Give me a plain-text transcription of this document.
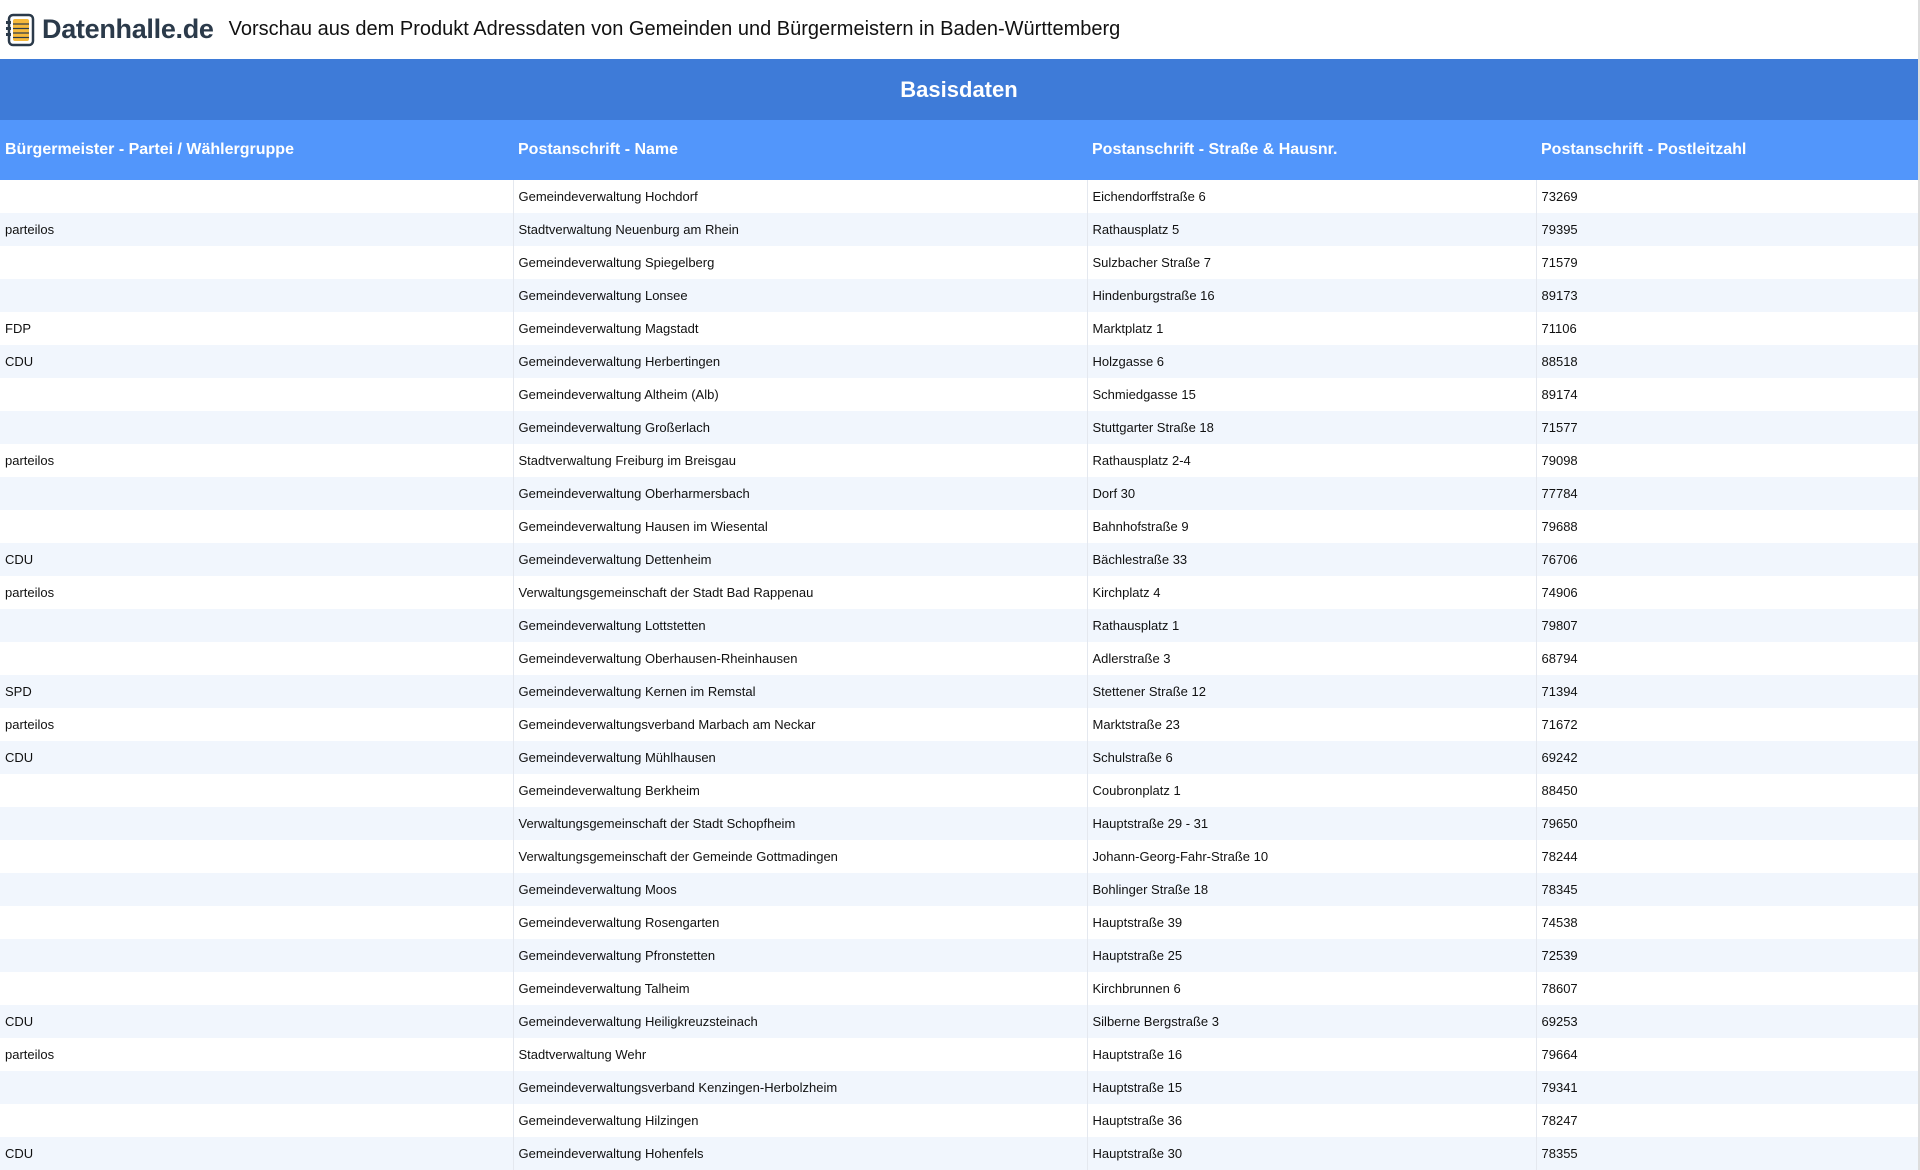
Datenhalle.de Vorschau aus dem Produkt Adressdaten von Gemeinden und Bürgermeistern in Baden-Württemberg
Basisdaten
Bürgermeister - Partei / Wählergruppe	Postanschrift - Name	Postanschrift - Straße & Hausnr.	Postanschrift - Postleitzahl
	Gemeindeverwaltung Hochdorf	Eichendorffstraße 6	73269
parteilos	Stadtverwaltung Neuenburg am Rhein	Rathausplatz 5	79395
	Gemeindeverwaltung Spiegelberg	Sulzbacher Straße 7	71579
	Gemeindeverwaltung Lonsee	Hindenburgstraße 16	89173
FDP	Gemeindeverwaltung Magstadt	Marktplatz 1	71106
CDU	Gemeindeverwaltung Herbertingen	Holzgasse 6	88518
	Gemeindeverwaltung Altheim (Alb)	Schmiedgasse 15	89174
	Gemeindeverwaltung Großerlach	Stuttgarter Straße 18	71577
parteilos	Stadtverwaltung Freiburg im Breisgau	Rathausplatz 2-4	79098
	Gemeindeverwaltung Oberharmersbach	Dorf 30	77784
	Gemeindeverwaltung Hausen im Wiesental	Bahnhofstraße 9	79688
CDU	Gemeindeverwaltung Dettenheim	Bächlestraße 33	76706
parteilos	Verwaltungsgemeinschaft der Stadt Bad Rappenau	Kirchplatz 4	74906
	Gemeindeverwaltung Lottstetten	Rathausplatz 1	79807
	Gemeindeverwaltung Oberhausen-Rheinhausen	Adlerstraße 3	68794
SPD	Gemeindeverwaltung Kernen im Remstal	Stettener Straße 12	71394
parteilos	Gemeindeverwaltungsverband Marbach am Neckar	Marktstraße 23	71672
CDU	Gemeindeverwaltung Mühlhausen	Schulstraße 6	69242
	Gemeindeverwaltung Berkheim	Coubronplatz 1	88450
	Verwaltungsgemeinschaft der Stadt Schopfheim	Hauptstraße 29 - 31	79650
	Verwaltungsgemeinschaft der Gemeinde Gottmadingen	Johann-Georg-Fahr-Straße 10	78244
	Gemeindeverwaltung Moos	Bohlinger Straße 18	78345
	Gemeindeverwaltung Rosengarten	Hauptstraße 39	74538
	Gemeindeverwaltung Pfronstetten	Hauptstraße 25	72539
	Gemeindeverwaltung Talheim	Kirchbrunnen 6	78607
CDU	Gemeindeverwaltung Heiligkreuzsteinach	Silberne Bergstraße 3	69253
parteilos	Stadtverwaltung Wehr	Hauptstraße 16	79664
	Gemeindeverwaltungsverband Kenzingen-Herbolzheim	Hauptstraße 15	79341
	Gemeindeverwaltung Hilzingen	Hauptstraße 36	78247
CDU	Gemeindeverwaltung Hohenfels	Hauptstraße 30	78355
